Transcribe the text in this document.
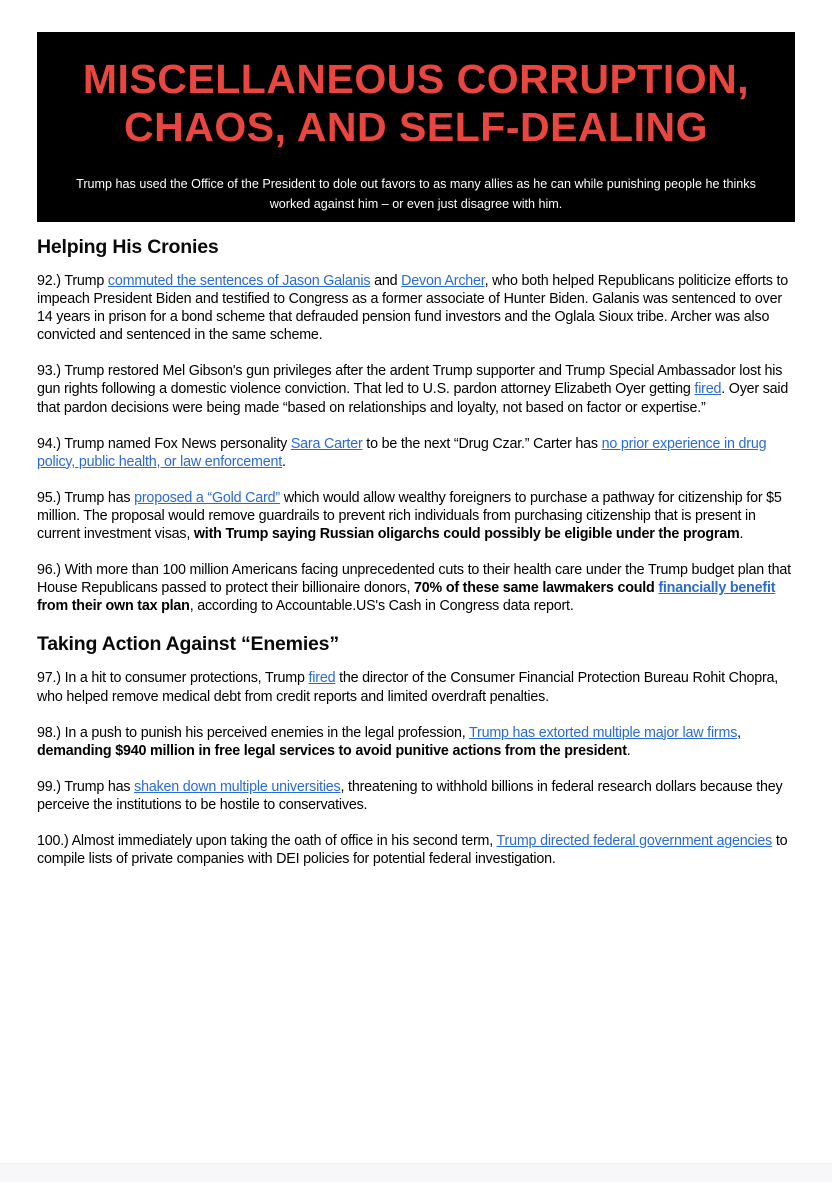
MISCELLANEOUS CORRUPTION,
CHAOS, AND SELF-DEALING

Trump has used the Office of the President to dole out favors to as many allies as he can while punishing people he thinks worked against him – or even just disagree with him.

Helping His Cronies

92.) Trump commuted the sentences of Jason Galanis and Devon Archer, who both helped Republicans politicize efforts to impeach President Biden and testified to Congress as a former associate of Hunter Biden. Galanis was sentenced to over 14 years in prison for a bond scheme that defrauded pension fund investors and the Oglala Sioux tribe. Archer was also convicted and sentenced in the same scheme.

93.) Trump restored Mel Gibson's gun privileges after the ardent Trump supporter and Trump Special Ambassador lost his gun rights following a domestic violence conviction. That led to U.S. pardon attorney Elizabeth Oyer getting fired. Oyer said that pardon decisions were being made “based on relationships and loyalty, not based on factor or expertise.”

94.) Trump named Fox News personality Sara Carter to be the next “Drug Czar.” Carter has no prior experience in drug policy, public health, or law enforcement.

95.) Trump has proposed a “Gold Card” which would allow wealthy foreigners to purchase a pathway for citizenship for $5 million. The proposal would remove guardrails to prevent rich individuals from purchasing citizenship that is present in current investment visas, with Trump saying Russian oligarchs could possibly be eligible under the program.

96.) With more than 100 million Americans facing unprecedented cuts to their health care under the Trump budget plan that House Republicans passed to protect their billionaire donors, 70% of these same lawmakers could financially benefit from their own tax plan, according to Accountable.US's Cash in Congress data report.

Taking Action Against “Enemies”

97.) In a hit to consumer protections, Trump fired the director of the Consumer Financial Protection Bureau Rohit Chopra, who helped remove medical debt from credit reports and limited overdraft penalties.

98.) In a push to punish his perceived enemies in the legal profession, Trump has extorted multiple major law firms, demanding $940 million in free legal services to avoid punitive actions from the president.

99.) Trump has shaken down multiple universities, threatening to withhold billions in federal research dollars because they perceive the institutions to be hostile to conservatives.

100.) Almost immediately upon taking the oath of office in his second term, Trump directed federal government agencies to compile lists of private companies with DEI policies for potential federal investigation.
